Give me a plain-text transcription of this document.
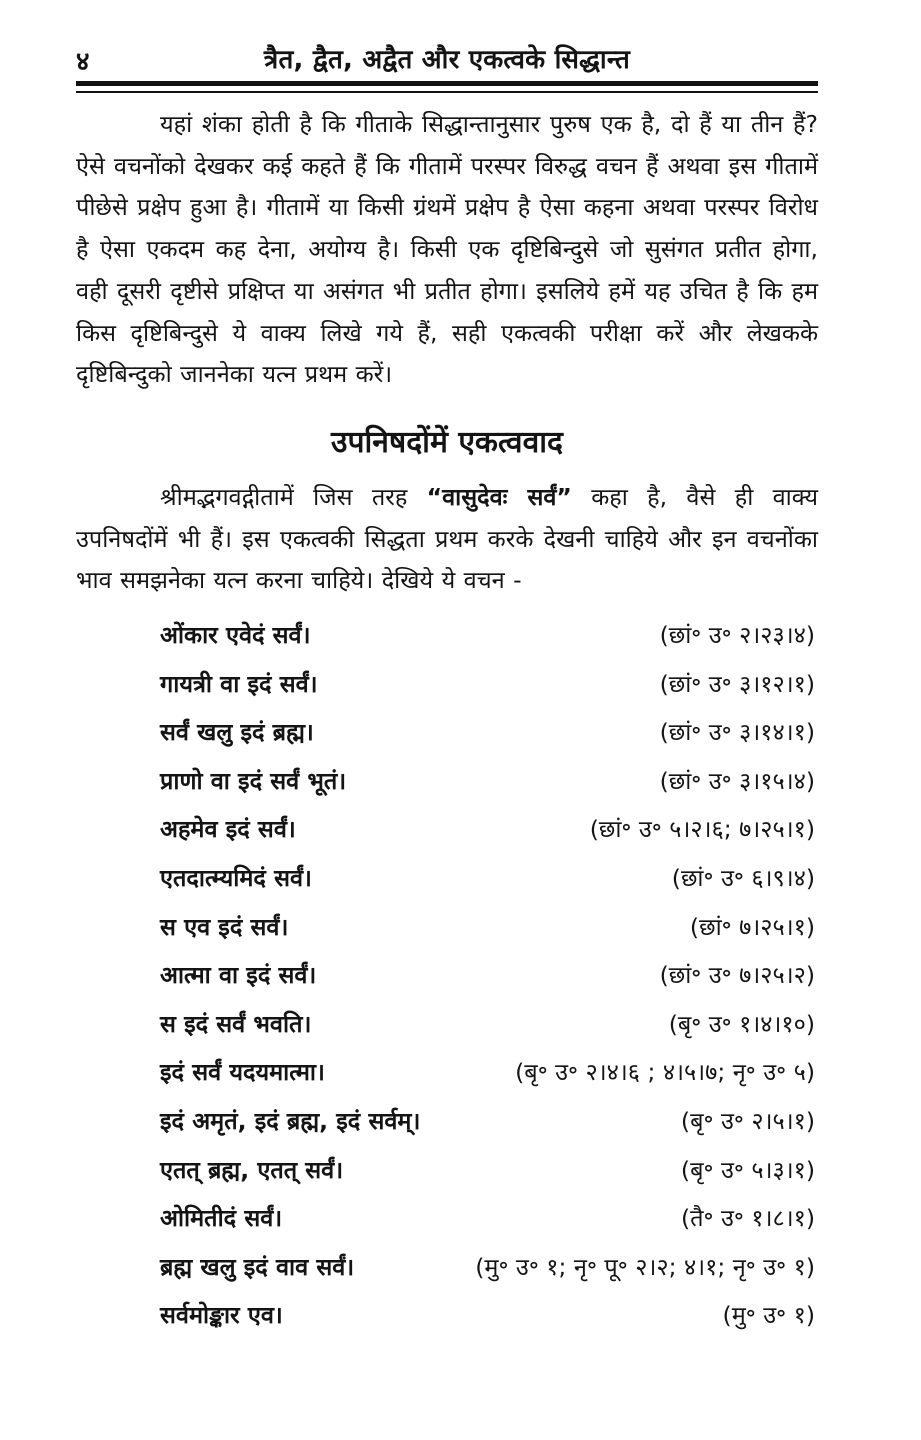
४	त्रैत, द्वैत, अद्वैत और एकत्वके सिद्धान्त

यहां शंका होती है कि गीताके सिद्धान्तानुसार पुरुष एक है, दो हैं या तीन हैं? ऐसे वचनोंको देखकर कई कहते हैं कि गीतामें परस्पर विरुद्ध वचन हैं अथवा इस गीतामें पीछेसे प्रक्षेप हुआ है। गीतामें या किसी ग्रंथमें प्रक्षेप है ऐसा कहना अथवा परस्पर विरोध है ऐसा एकदम कह देना, अयोग्य है। किसी एक दृष्टिबिन्दुसे जो सुसंगत प्रतीत होगा, वही दूसरी दृष्टीसे प्रक्षिप्त या असंगत भी प्रतीत होगा। इसलिये हमें यह उचित है कि हम किस दृष्टिबिन्दुसे ये वाक्य लिखे गये हैं, सही एकत्वकी परीक्षा करें और लेखकके दृष्टिबिन्दुको जाननेका यत्न प्रथम करें।

उपनिषदोंमें एकत्ववाद

श्रीमद्भगवद्गीतामें जिस तरह “वासुदेवः सर्वं” कहा है, वैसे ही वाक्य उपनिषदोंमें भी हैं। इस एकत्वकी सिद्धता प्रथम करके देखनी चाहिये और इन वचनोंका भाव समझनेका यत्न करना चाहिये। देखिये ये वचन -

ओंकार एवेदं सर्वं।	(छां॰ उ॰ २।२३।४)
गायत्री वा इदं सर्वं।	(छां॰ उ॰ ३।१२।१)
सर्वं खलु इदं ब्रह्म।	(छां॰ उ॰ ३।१४।१)
प्राणो वा इदं सर्वं भूतं।	(छां॰ उ॰ ३।१५।४)
अहमेव इदं सर्वं।	(छां॰ उ॰ ५।२।६; ७।२५।१)
एतदात्म्यमिदं सर्वं।	(छां॰ उ॰ ६।९।४)
स एव इदं सर्वं।	(छां॰ ७।२५।१)
आत्मा वा इदं सर्वं।	(छां॰ उ॰ ७।२५।२)
स इदं सर्वं भवति।	(बृ॰ उ॰ १।४।१०)
इदं सर्वं यदयमात्मा।	(बृ॰ उ॰ २।४।६ ; ४।५।७; नृ॰ उ॰ ५)
इदं अमृतं, इदं ब्रह्म, इदं सर्वम्।	(बृ॰ उ॰ २।५।१)
एतत् ब्रह्म, एतत् सर्वं।	(बृ॰ उ॰ ५।३।१)
ओमितीदं सर्वं।	(तै॰ उ॰ १।८।१)
ब्रह्म खलु इदं वाव सर्वं।	(मु॰ उ॰ १; नृ॰ पू॰ २।२; ४।१; नृ॰ उ॰ १)
सर्वमोङ्कार एव।	(मु॰ उ॰ १)
